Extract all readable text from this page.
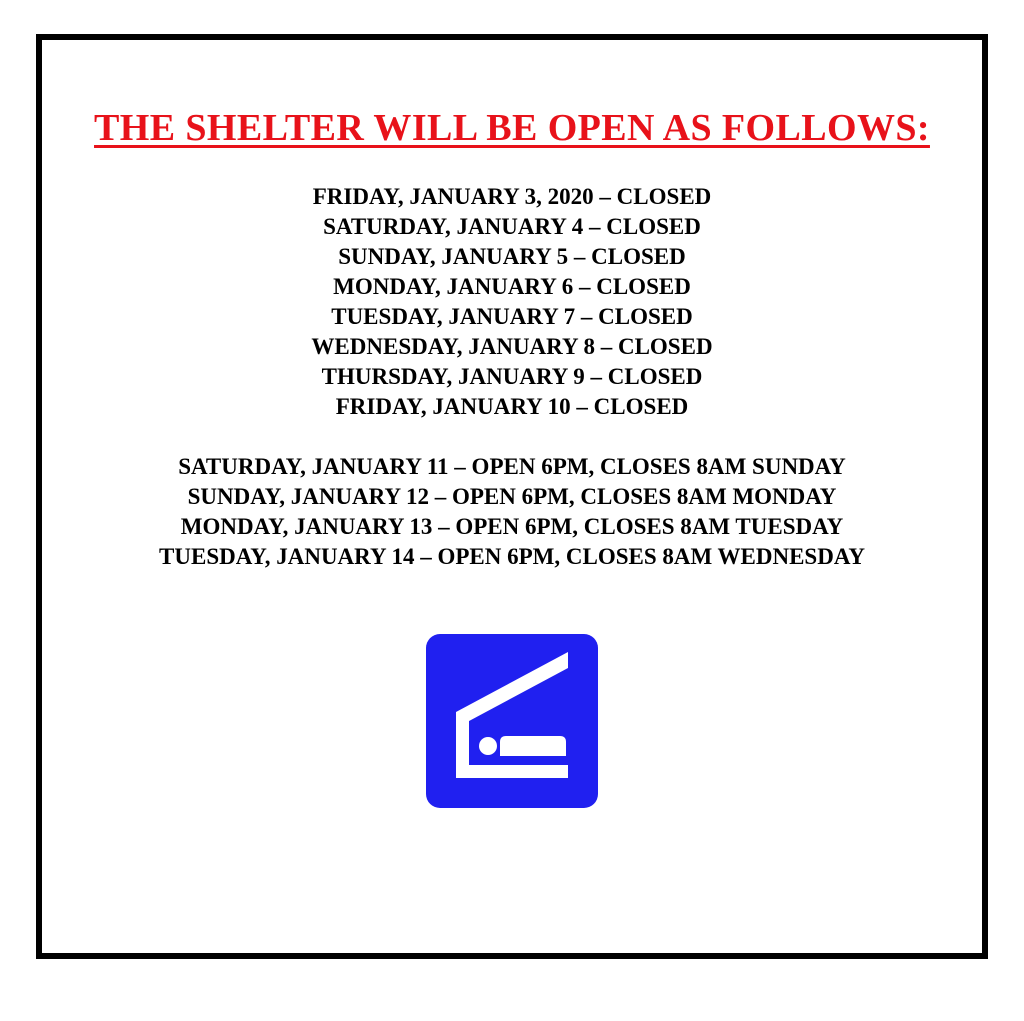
THE SHELTER WILL BE OPEN AS FOLLOWS:
FRIDAY, JANUARY 3, 2020 – CLOSED
SATURDAY, JANUARY 4 – CLOSED
SUNDAY, JANUARY 5 – CLOSED
MONDAY, JANUARY 6 – CLOSED
TUESDAY, JANUARY 7 – CLOSED
WEDNESDAY, JANUARY 8 – CLOSED
THURSDAY, JANUARY 9 – CLOSED
FRIDAY, JANUARY 10 – CLOSED
SATURDAY, JANUARY 11 – OPEN 6PM, CLOSES 8AM SUNDAY
SUNDAY, JANUARY 12 – OPEN 6PM, CLOSES 8AM MONDAY
MONDAY, JANUARY 13 – OPEN 6PM, CLOSES 8AM TUESDAY
TUESDAY, JANUARY 14 – OPEN 6PM, CLOSES 8AM WEDNESDAY
